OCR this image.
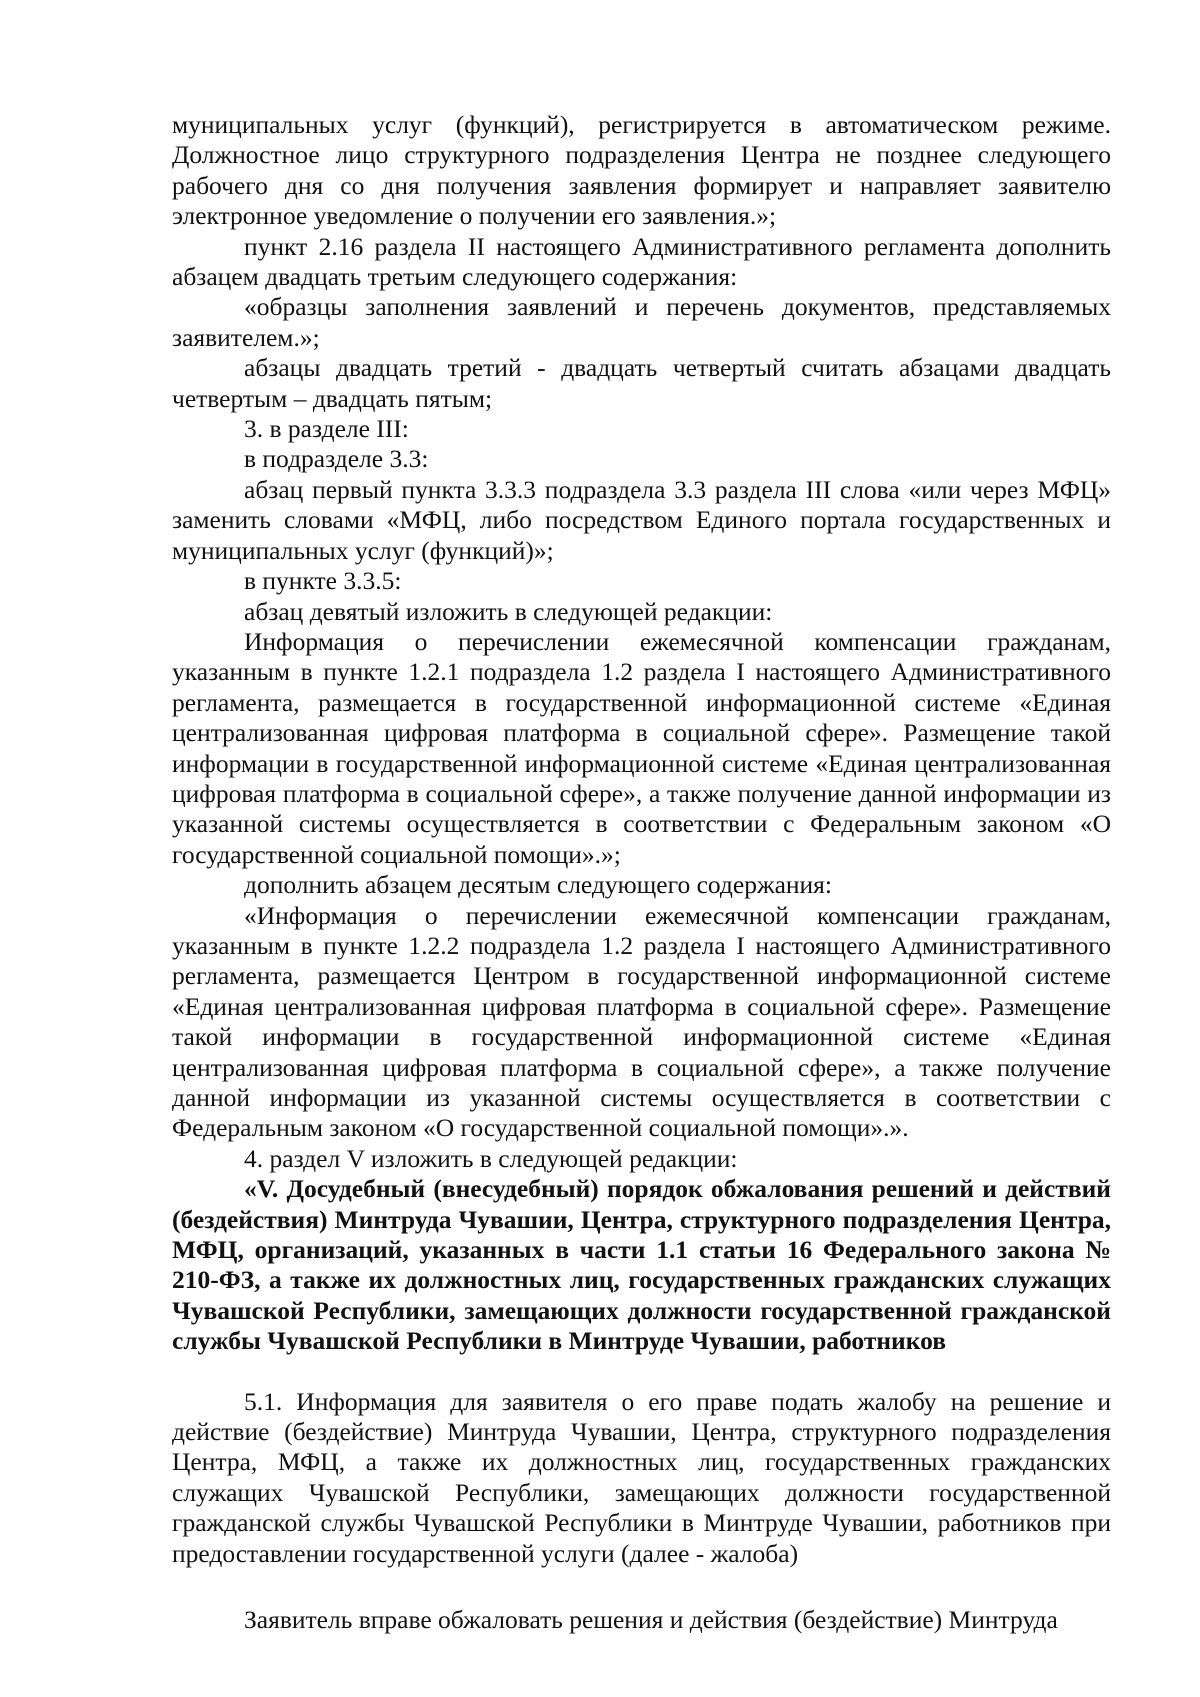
муниципальных услуг (функций), регистрируется в автоматическом режиме. Должностное лицо структурного подразделения Центра не позднее следующего рабочего дня со дня получения заявления формирует и направляет заявителю электронное уведомление о получении его заявления.»;

пункт 2.16 раздела II настоящего Административного регламента дополнить абзацем двадцать третьим следующего содержания:

«образцы заполнения заявлений и перечень документов, представляемых заявителем.»;

абзацы двадцать третий - двадцать четвертый считать абзацами двадцать четвертым – двадцать пятым;

3. в разделе III:

в подразделе 3.3:

абзац первый пункта 3.3.3 подраздела 3.3 раздела III слова «или через МФЦ» заменить словами «МФЦ, либо посредством Единого портала государственных и муниципальных услуг (функций)»;

в пункте 3.3.5:

абзац девятый изложить в следующей редакции:

Информация о перечислении ежемесячной компенсации гражданам, указанным в пункте 1.2.1 подраздела 1.2 раздела I настоящего Административного регламента, размещается в государственной информационной системе «Единая централизованная цифровая платформа в социальной сфере». Размещение такой информации в государственной информационной системе «Единая централизованная цифровая платформа в социальной сфере», а также получение данной информации из указанной системы осуществляется в соответствии с Федеральным законом «О государственной социальной помощи».»;

дополнить абзацем десятым следующего содержания:

«Информация о перечислении ежемесячной компенсации гражданам, указанным в пункте 1.2.2 подраздела 1.2 раздела I настоящего Административного регламента, размещается Центром в государственной информационной системе «Единая централизованная цифровая платформа в социальной сфере». Размещение такой информации в государственной информационной системе «Единая централизованная цифровая платформа в социальной сфере», а также получение данной информации из указанной системы осуществляется в соответствии с Федеральным законом «О государственной социальной помощи».».

4. раздел V изложить в следующей редакции:

«V. Досудебный (внесудебный) порядок обжалования решений и действий (бездействия) Минтруда Чувашии, Центра, структурного подразделения Центра, МФЦ, организаций, указанных в части 1.1 статьи 16 Федерального закона № 210-ФЗ, а также их должностных лиц, государственных гражданских служащих Чувашской Республики, замещающих должности государственной гражданской службы Чувашской Республики в Минтруде Чувашии, работников

5.1. Информация для заявителя о его праве подать жалобу на решение и действие (бездействие) Минтруда Чувашии, Центра, структурного подразделения Центра, МФЦ, а также их должностных лиц, государственных гражданских служащих Чувашской Республики, замещающих должности государственной гражданской службы Чувашской Республики в Минтруде Чувашии, работников при предоставлении государственной услуги (далее - жалоба)

Заявитель вправе обжаловать решения и действия (бездействие) Минтруда
